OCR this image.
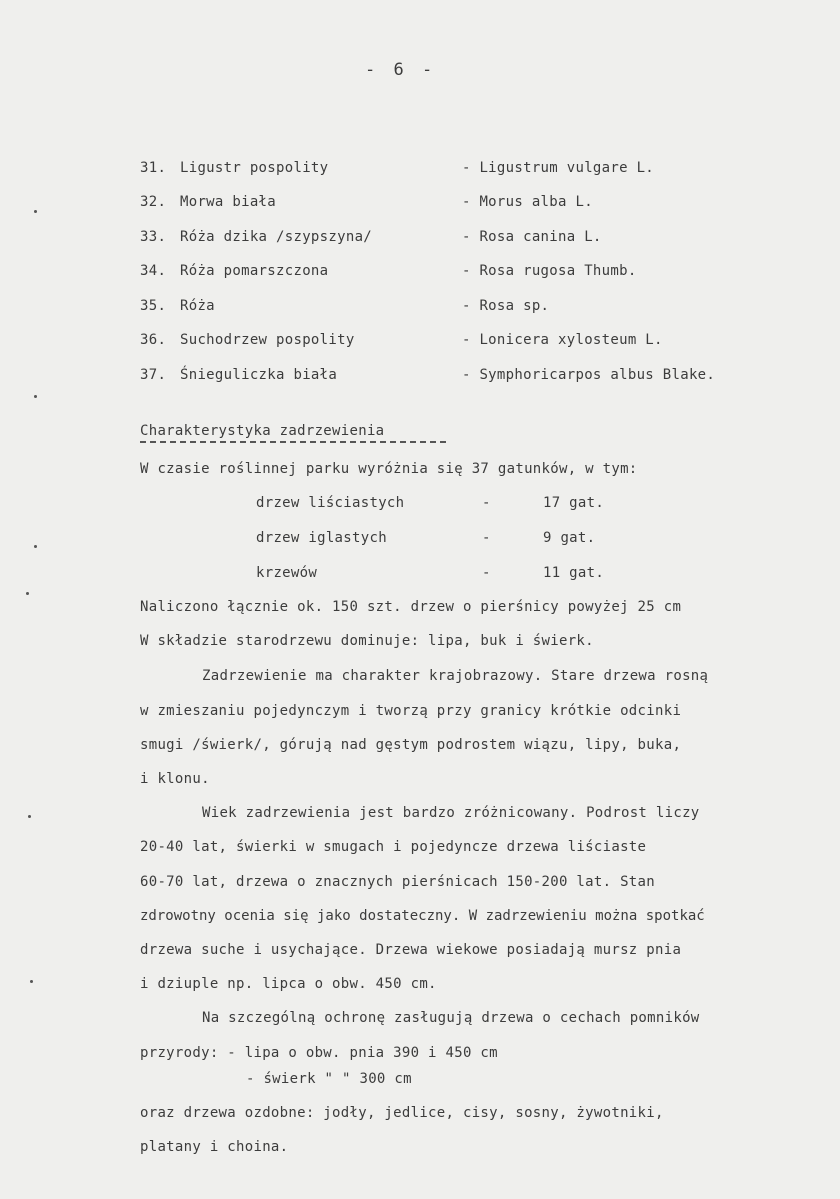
- 6 -
31. Ligustr pospolity	- Ligustrum vulgare L.
32. Morwa biała	- Morus alba L.
33. Róża dzika /szypszyna/	- Rosa canina L.
34. Róża pomarszczona	- Rosa rugosa Thumb.
35. Róża	- Rosa sp.
36. Suchodrzew pospolity	- Lonicera xylosteum L.
37. Śnieguliczka biała	- Symphoricarpos albus Blake.
Charakterystyka zadrzewienia
W czasie roślinnej parku wyróżnia się 37 gatunków, w tym:
drzew liściastych	-	17 gat.
drzew iglastych	-	9 gat.
krzewów	-	11 gat.
Naliczono łącznie ok. 150 szt. drzew o pierśnicy powyżej 25 cm
W składzie starodrzewu dominuje: lipa, buk i świerk.
Zadrzewienie ma charakter krajobrazowy. Stare drzewa rosną
w zmieszaniu pojedynczym i tworzą przy granicy krótkie odcinki
smugi /świerk/, górują nad gęstym podrostem wiązu, lipy, buka,
i klonu.
Wiek zadrzewienia jest bardzo zróżnicowany. Podrost liczy
20-40 lat, świerki w smugach i pojedyncze drzewa liściaste
60-70 lat, drzewa o znacznych pierśnicach 150-200 lat. Stan
zdrowotny ocenia się jako dostateczny. W zadrzewieniu można spotkać
drzewa suche i usychające. Drzewa wiekowe posiadają mursz pnia
i dziuple np. lipca o obw. 450 cm.
Na szczególną ochronę zasługują drzewa o cechach pomników
przyrody: - lipa o obw. pnia 390 i 450 cm
- świerk " " 300 cm
oraz drzewa ozdobne: jodły, jedlice, cisy, sosny, żywotniki,
platany i choina.
